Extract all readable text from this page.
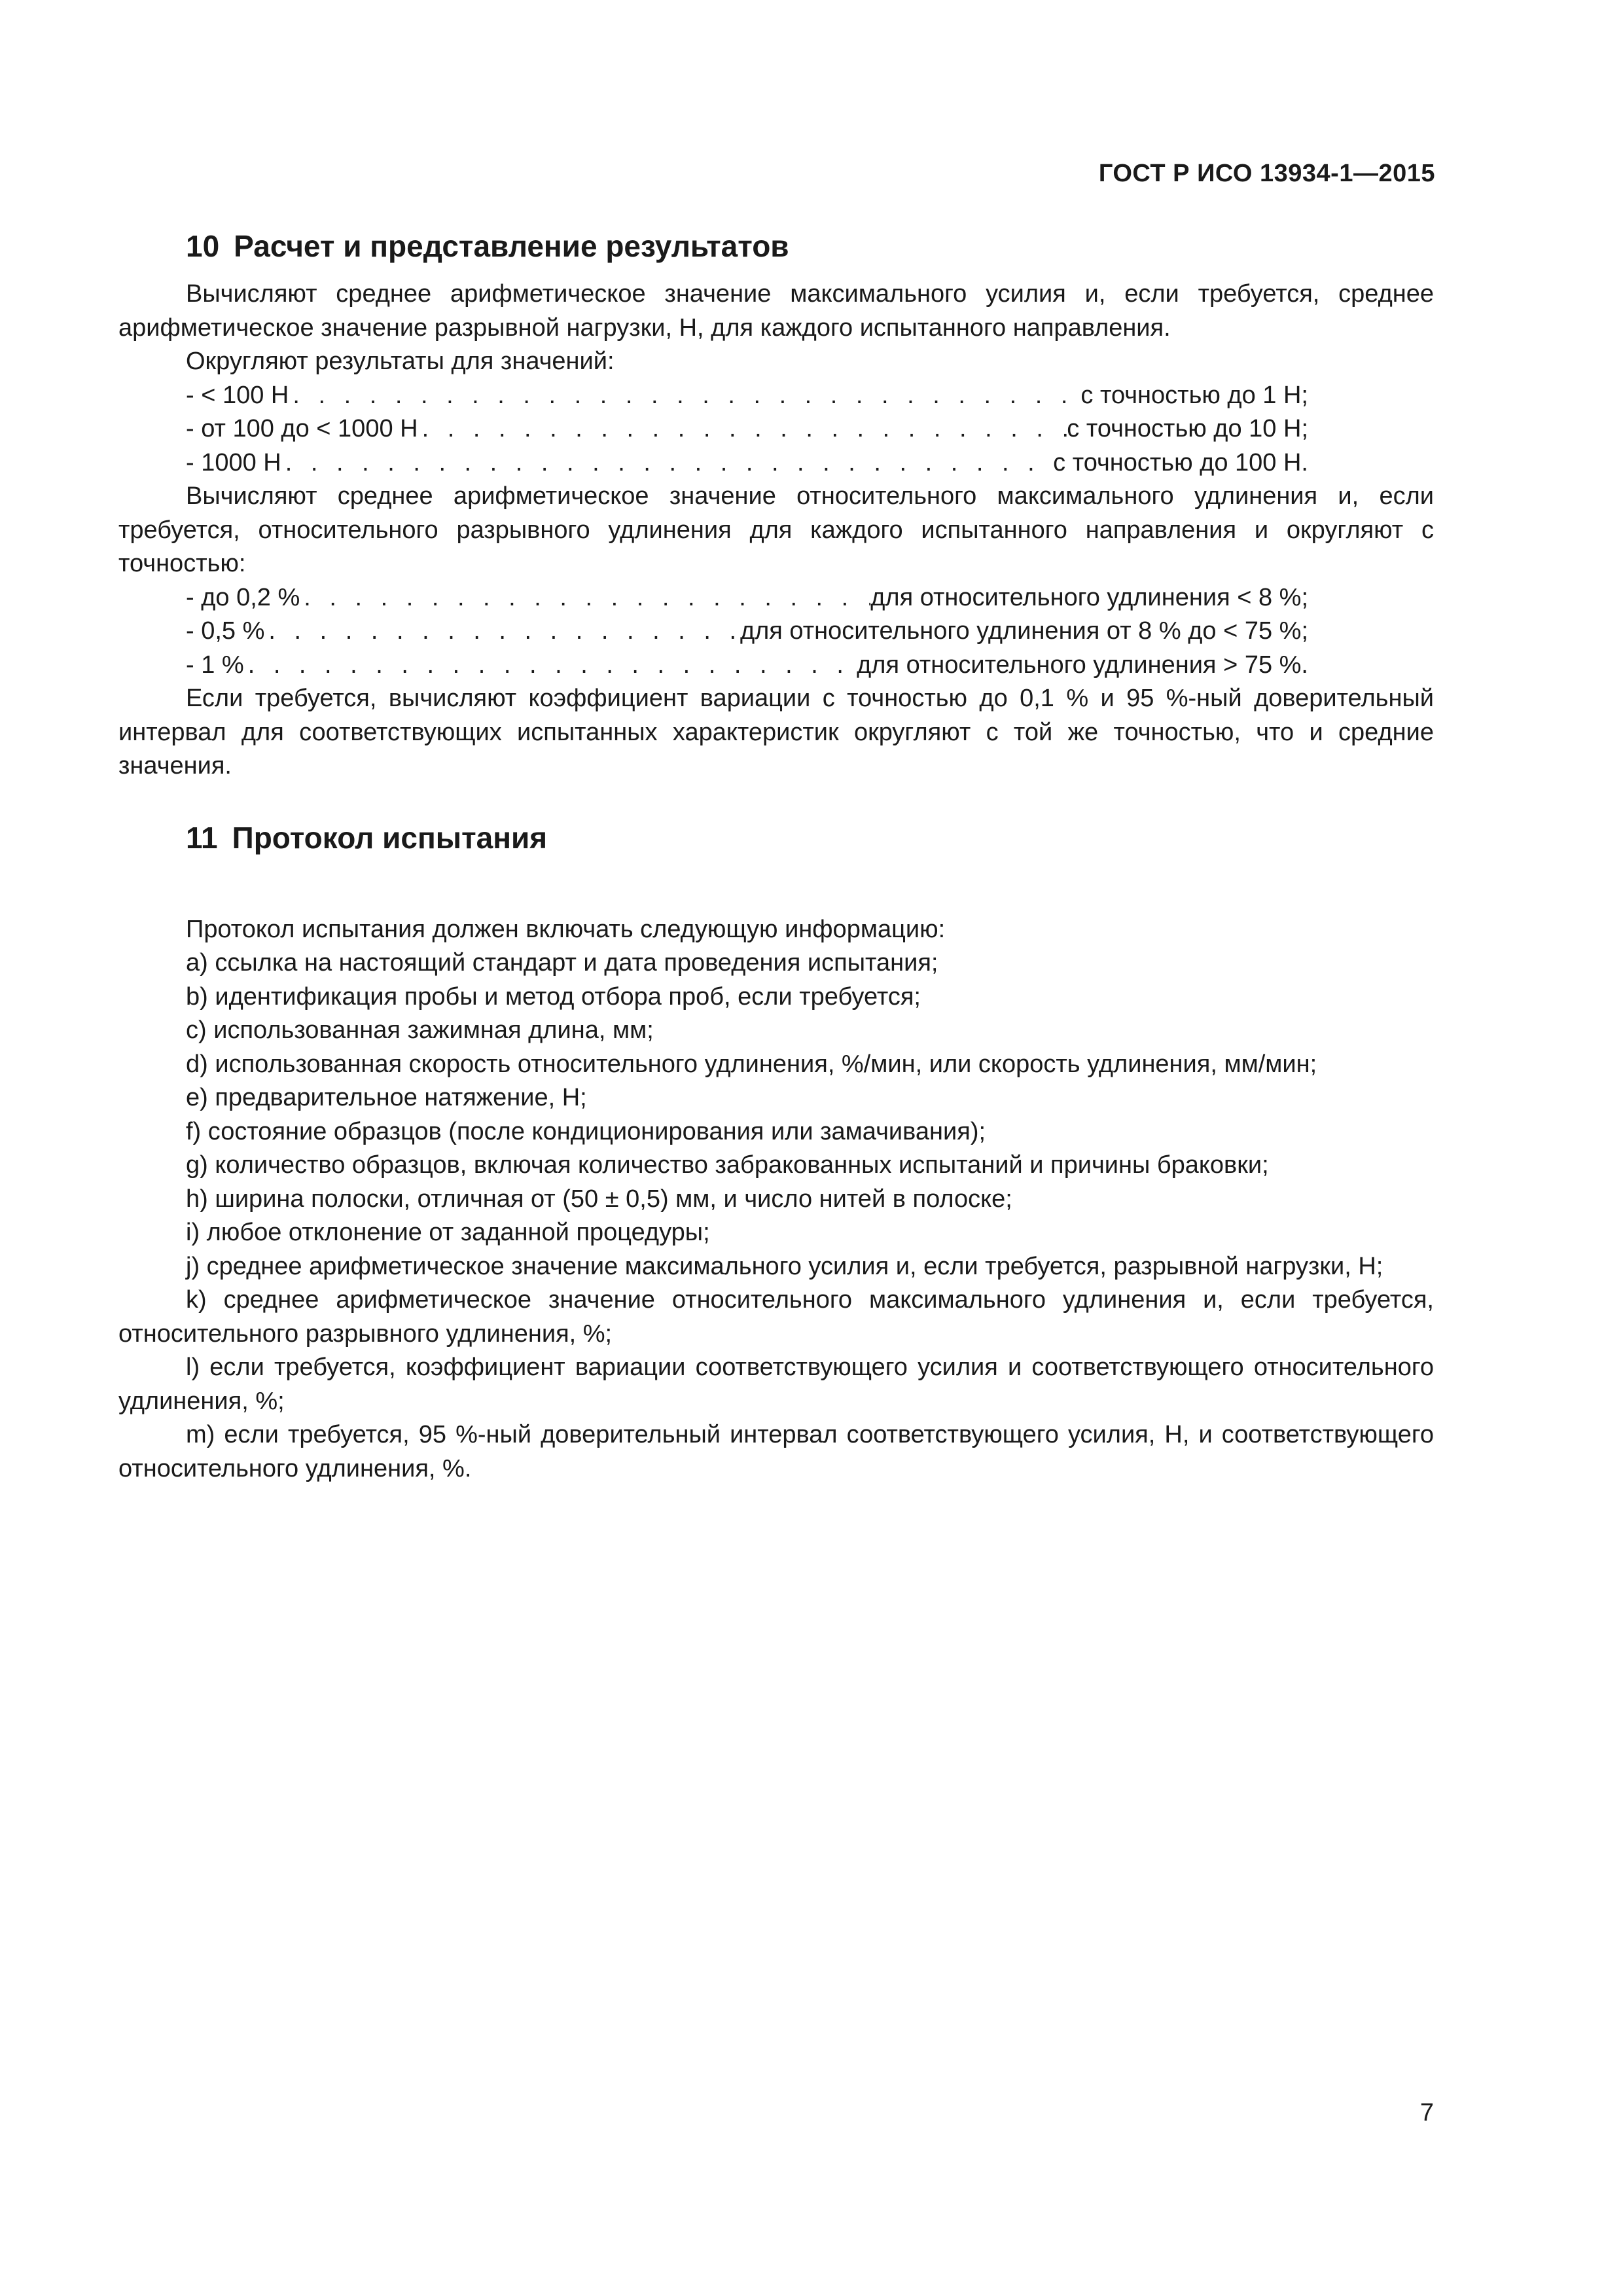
ГОСТ Р ИСО 13934-1—2015
10 Расчет и представление результатов

Вычисляют среднее арифметическое значение максимального усилия и, если требуется, среднее арифметическое значение разрывной нагрузки, Н, для каждого испытанного направления.

Округляют результаты для значений:
- < 100 Н . . .	с точностью до 1 Н;
- от 100 до < 1000 Н . . .	с точностью до 10 Н;
- 1000 Н . . .	с точностью до 100 Н.

Вычисляют среднее арифметическое значение относительного максимального удлинения и, если требуется, относительного разрывного удлинения для каждого испытанного направления и округляют с точностью:

- до 0,2 % . . .	для относительного удлинения < 8 %;
- 0,5 % . . .	для относительного удлинения от 8 % до < 75 %;
- 1 % . . .	для относительного удлинения > 75 %.

Если требуется, вычисляют коэффициент вариации с точностью до 0,1 % и 95 %-ный доверительный интервал для соответствующих испытанных характеристик округляют с той же точностью, что и средние значения.

11 Протокол испытания
Протокол испытания должен включать следующую информацию:
a) ссылка на настоящий стандарт и дата проведения испытания;
b) идентификация пробы и метод отбора проб, если требуется;
c) использованная зажимная длина, мм;
d) использованная скорость относительного удлинения, %/мин, или скорость удлинения, мм/мин;
e) предварительное натяжение, Н;
f) состояние образцов (после кондиционирования или замачивания);
g) количество образцов, включая количество забракованных испытаний и причины браковки;
h) ширина полоски, отличная от (50 ± 0,5) мм, и число нитей в полоске;
i) любое отклонение от заданной процедуры;
j) среднее арифметическое значение максимального усилия и, если требуется, разрывной нагрузки, Н;
k) среднее арифметическое значение относительного максимального удлинения и, если требуется, относительного разрывного удлинения, %;
l) если требуется, коэффициент вариации соответствующего усилия и соответствующего относительного удлинения, %;
m) если требуется, 95 %-ный доверительный интервал соответствующего усилия, Н, и соответствующего относительного удлинения, %.
7
